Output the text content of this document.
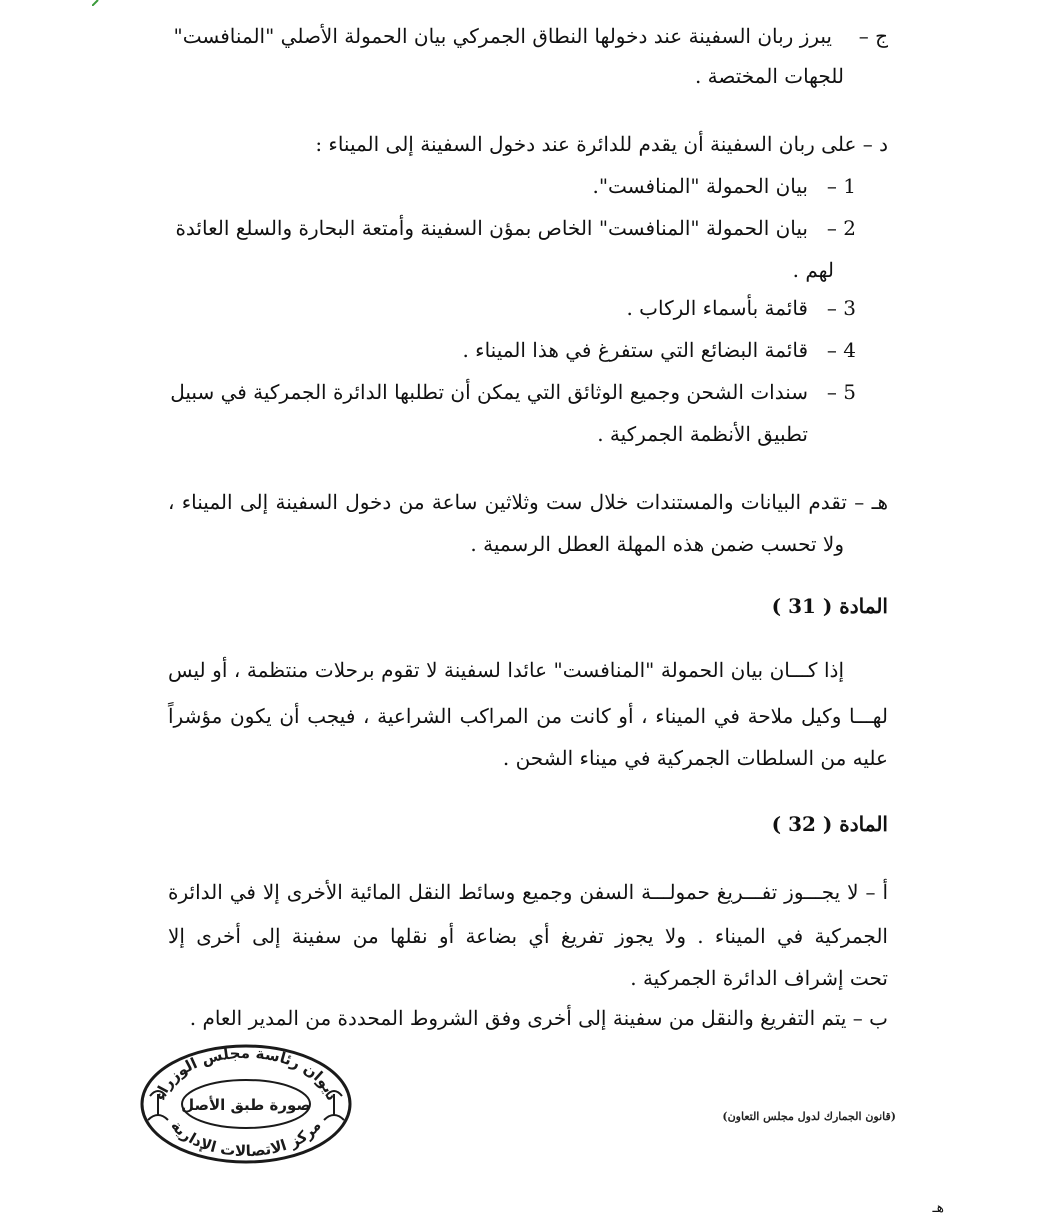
ج –
يبرز ربان السفينة عند دخولها النطاق الجمركي بيان الحمولة الأصلي "المنافست"
للجهات المختصة .
د – على ربان السفينة أن يقدم للدائرة عند دخول السفينة إلى الميناء :
1 –
بيان الحمولة "المنافست".
2 –
بيان الحمولة "المنافست" الخاص بمؤن السفينة وأمتعة البحارة والسلع العائدة
لهم .
3 –
قائمة بأسماء الركاب .
4 –
قائمة البضائع التي ستفرغ في هذا الميناء .
5 –
سندات الشحن وجميع الوثائق التي يمكن أن تطلبها الدائرة الجمركية في سبيل
تطبيق الأنظمة الجمركية .
هـ – تقدم البيانات والمستندات خلال ست وثلاثين ساعة من دخول السفينة إلى الميناء ،
ولا تحسب ضمن هذه المهلة العطل الرسمية .
المادة ( 31 )
إذا كـــان بيان الحمولة "المنافست" عائدا لسفينة لا تقوم برحلات منتظمة ، أو ليس
لهـــا وكيل ملاحة في الميناء ، أو كانت من المراكب الشراعية ، فيجب أن يكون مؤشراً
عليه من السلطات الجمركية في ميناء الشحن .
المادة ( 32 )
أ – لا يجـــوز تفـــريغ حمولـــة السفن وجميع وسائط النقل المائية الأخرى إلا في الدائرة
الجمركية في الميناء . ولا يجوز تفريغ أي بضاعة أو نقلها من سفينة إلى أخرى إلا
تحت إشراف الدائرة الجمركية .
ب – يتم التفريغ والنقل من سفينة إلى أخرى وفق الشروط المحددة من المدير العام .
ديوان رئاسة مجلس الوزراء
صورة طبق الأصل
مركز الاتصالات الإدارية
(قانون الجمارك لدول مجلس التعاون)
هـ
